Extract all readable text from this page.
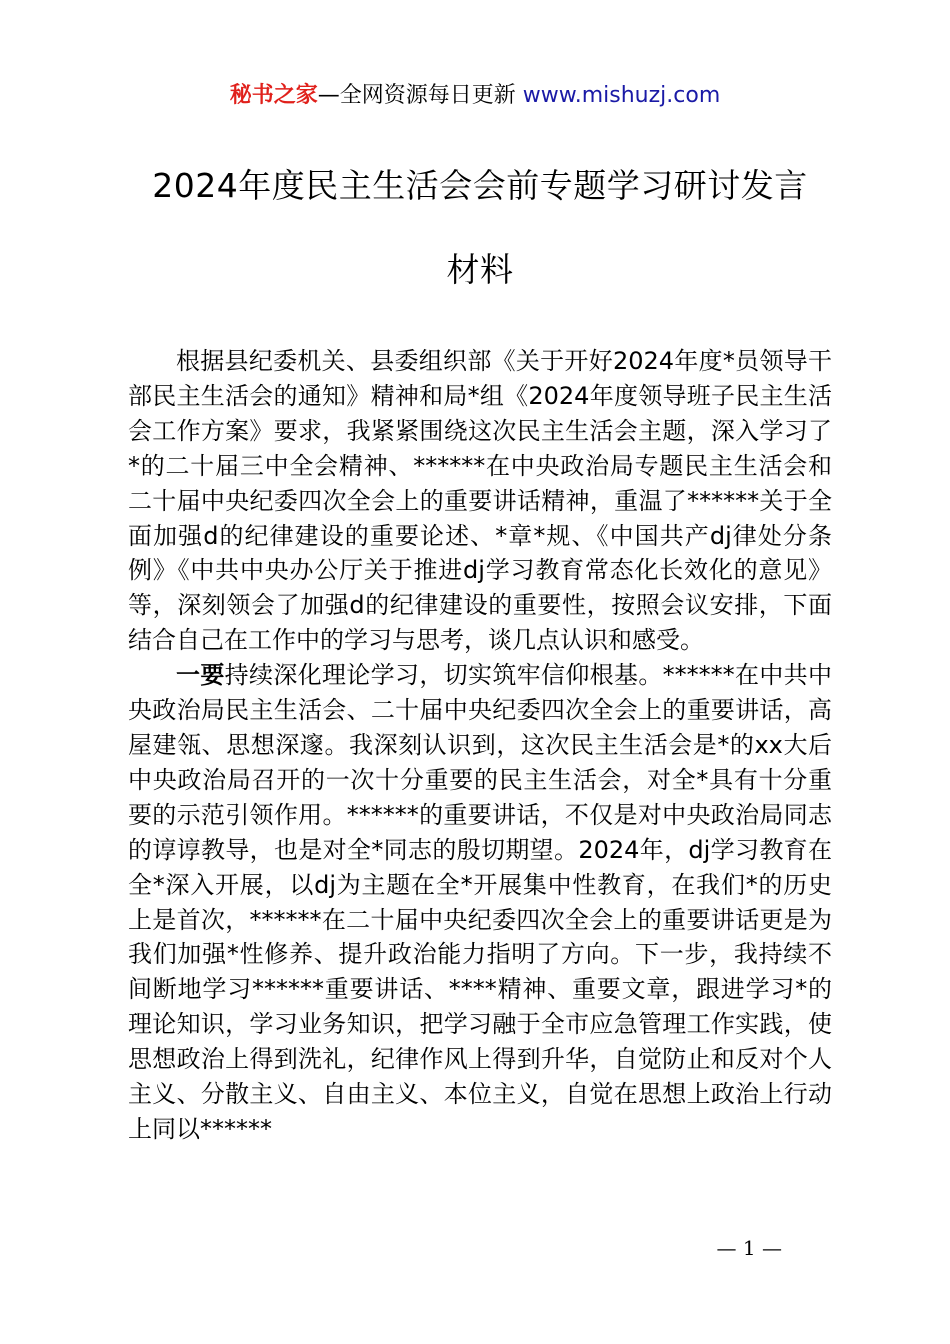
秘书之家—全网资源每日更新 www.mishuzj.com
2024年度民主生活会会前专题学习研讨发言
材料

根据县纪委机关、县委组织部《关于开好2024年度*员领导干部民主生活会的通知》精神和局*组《2024年度领导班子民主生活会工作方案》要求，我紧紧围绕这次民主生活会主题，深入学习了*的二十届三中全会精神、******在中央政治局专题民主生活会和二十届中央纪委四次全会上的重要讲话精神，重温了******关于全面加强d的纪律建设的重要论述、*章*规、《中国共产dj律处分条例》《中共中央办公厅关于推进dj学习教育常态化长效化的意见》等，深刻领会了加强d的纪律建设的重要性，按照会议安排，下面结合自己在工作中的学习与思考，谈几点认识和感受。

一要持续深化理论学习，切实筑牢信仰根基。******在中共中央政治局民主生活会、二十届中央纪委四次全会上的重要讲话，高屋建瓴、思想深邃。我深刻认识到，这次民主生活会是*的xx大后中央政治局召开的一次十分重要的民主生活会，对全*具有十分重要的示范引领作用。******的重要讲话，不仅是对中央政治局同志的谆谆教导，也是对全*同志的殷切期望。2024年，dj学习教育在全*深入开展，以dj为主题在全*开展集中性教育，在我们*的历史上是首次，******在二十届中央纪委四次全会上的重要讲话更是为我们加强*性修养、提升政治能力指明了方向。下一步，我持续不间断地学习******重要讲话、****精神、重要文章，跟进学习*的理论知识，学习业务知识，把学习融于全市应急管理工作实践，使思想政治上得到洗礼，纪律作风上得到升华，自觉防止和反对个人主义、分散主义、自由主义、本位主义，自觉在思想上政治上行动上同以******

— 1 —
